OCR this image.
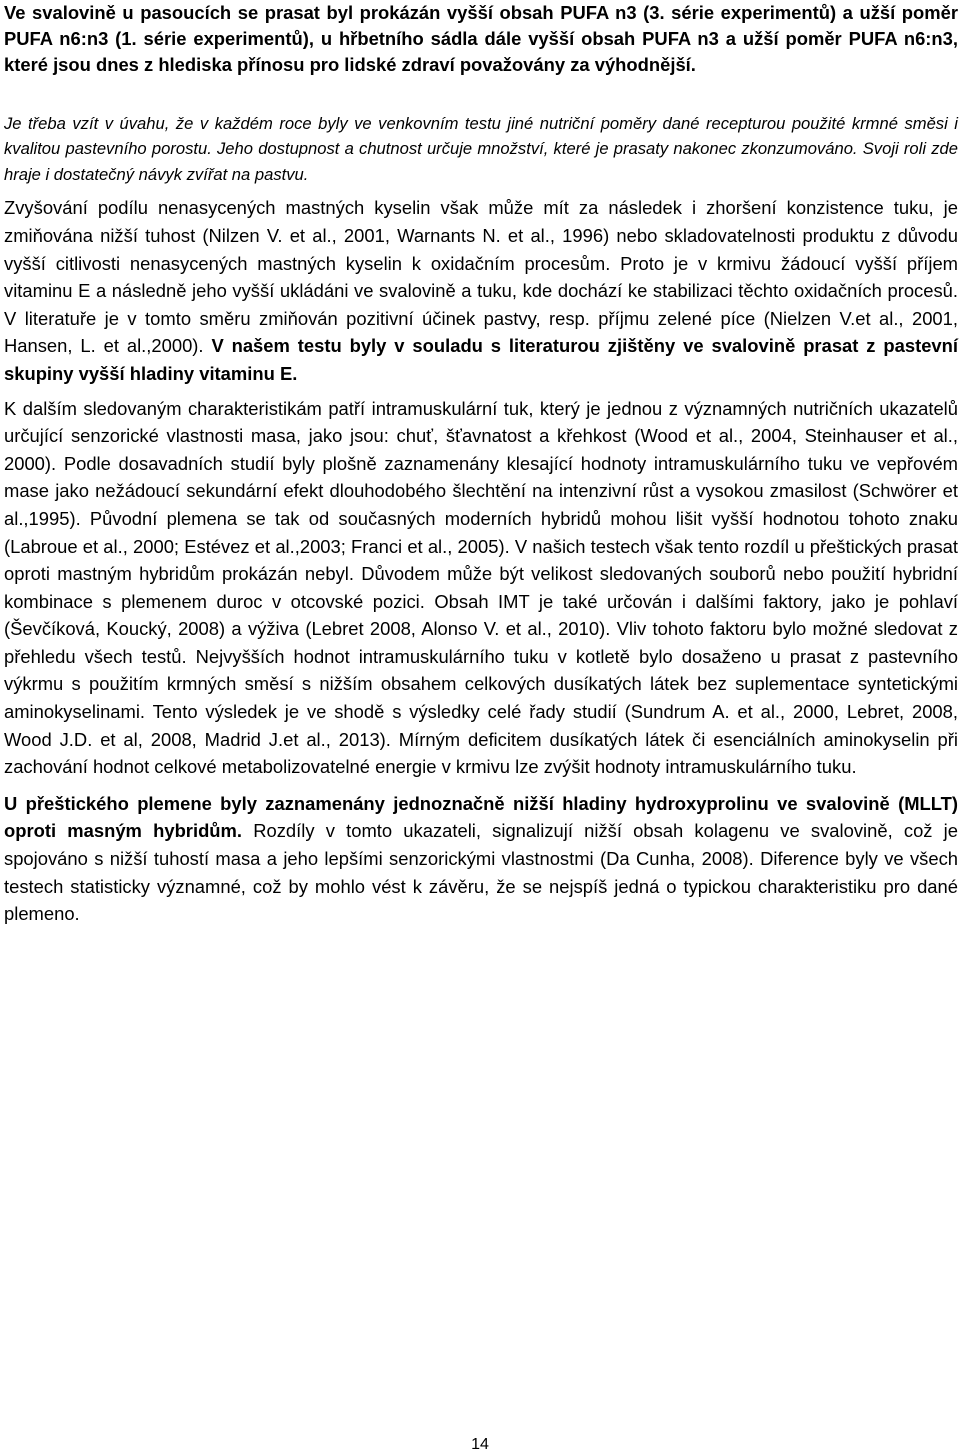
Ve svalovině u pasoucích se prasat byl prokázán vyšší obsah PUFA n3 (3. série experimentů) a užší poměr PUFA n6:n3 (1. série experimentů), u hřbetního sádla dále vyšší obsah PUFA n3 a užší poměr PUFA n6:n3, které jsou dnes z hlediska přínosu pro lidské zdraví považovány za výhodnější.

Je třeba vzít v úvahu, že v každém roce byly ve venkovním testu jiné nutriční poměry dané recepturou použité krmné směsi i kvalitou pastevního porostu. Jeho dostupnost a chutnost určuje množství, které je prasaty nakonec zkonzumováno. Svoji roli zde hraje i dostatečný návyk zvířat na pastvu.

Zvyšování podílu nenasycených mastných kyselin však může mít za následek i zhoršení konzistence tuku, je zmiňována nižší tuhost (Nilzen V. et al., 2001, Warnants N. et al., 1996) nebo skladovatelnosti produktu z důvodu vyšší citlivosti nenasycených mastných kyselin k oxidačním procesům. Proto je v krmivu žádoucí vyšší příjem vitaminu E a následně jeho vyšší ukládáni ve svalovině a tuku, kde dochází ke stabilizaci těchto oxidačních procesů. V literatuře je v tomto směru zmiňován pozitivní účinek pastvy, resp. příjmu zelené píce (Nielzen V.et al., 2001, Hansen, L. et al.,2000). V našem testu byly v souladu s literaturou zjištěny ve svalovině prasat z pastevní skupiny vyšší hladiny vitaminu E.

K dalším sledovaným charakteristikám patří intramuskulární tuk, který je jednou z významných nutričních ukazatelů určující senzorické vlastnosti masa, jako jsou: chuť, šťavnatost a křehkost (Wood et al., 2004, Steinhauser et al., 2000). Podle dosavadních studií byly plošně zaznamenány klesající hodnoty intramuskulárního tuku ve vepřovém mase jako nežádoucí sekundární efekt dlouhodobého šlechtění na intenzivní růst a vysokou zmasilost (Schwörer et al.,1995). Původní plemena se tak od současných moderních hybridů mohou lišit vyšší hodnotou tohoto znaku (Labroue et al., 2000; Estévez et al.,2003; Franci et al., 2005). V našich testech však tento rozdíl u přeštických prasat oproti mastným hybridům prokázán nebyl. Důvodem může být velikost sledovaných souborů nebo použití hybridní kombinace s plemenem duroc v otcovské pozici. Obsah IMT je také určován i dalšími faktory, jako je pohlaví (Ševčíková, Koucký, 2008) a výživa (Lebret 2008, Alonso V. et al., 2010). Vliv tohoto faktoru bylo možné sledovat z přehledu všech testů. Nejvyšších hodnot intramuskulárního tuku v kotletě bylo dosaženo u prasat z pastevního výkrmu s použitím krmných směsí s nižším obsahem celkových dusíkatých látek bez suplementace syntetickými aminokyselinami. Tento výsledek je ve shodě s výsledky celé řady studií (Sundrum A. et al., 2000, Lebret, 2008, Wood J.D. et al, 2008, Madrid J.et al., 2013). Mírným deficitem dusíkatých látek či esenciálních aminokyselin při zachování hodnot celkové metabolizovatelné energie v krmivu lze zvýšit hodnoty intramuskulárního tuku.

U přeštického plemene byly zaznamenány jednoznačně nižší hladiny hydroxyprolinu ve svalovině (MLLT) oproti masným hybridům. Rozdíly v tomto ukazateli, signalizují nižší obsah kolagenu ve svalovině, což je spojováno s nižší tuhostí masa a jeho lepšími senzorickými vlastnostmi (Da Cunha, 2008). Diference byly ve všech testech statisticky významné, což by mohlo vést k závěru, že se nejspíš jedná o typickou charakteristiku pro dané plemeno.

14
